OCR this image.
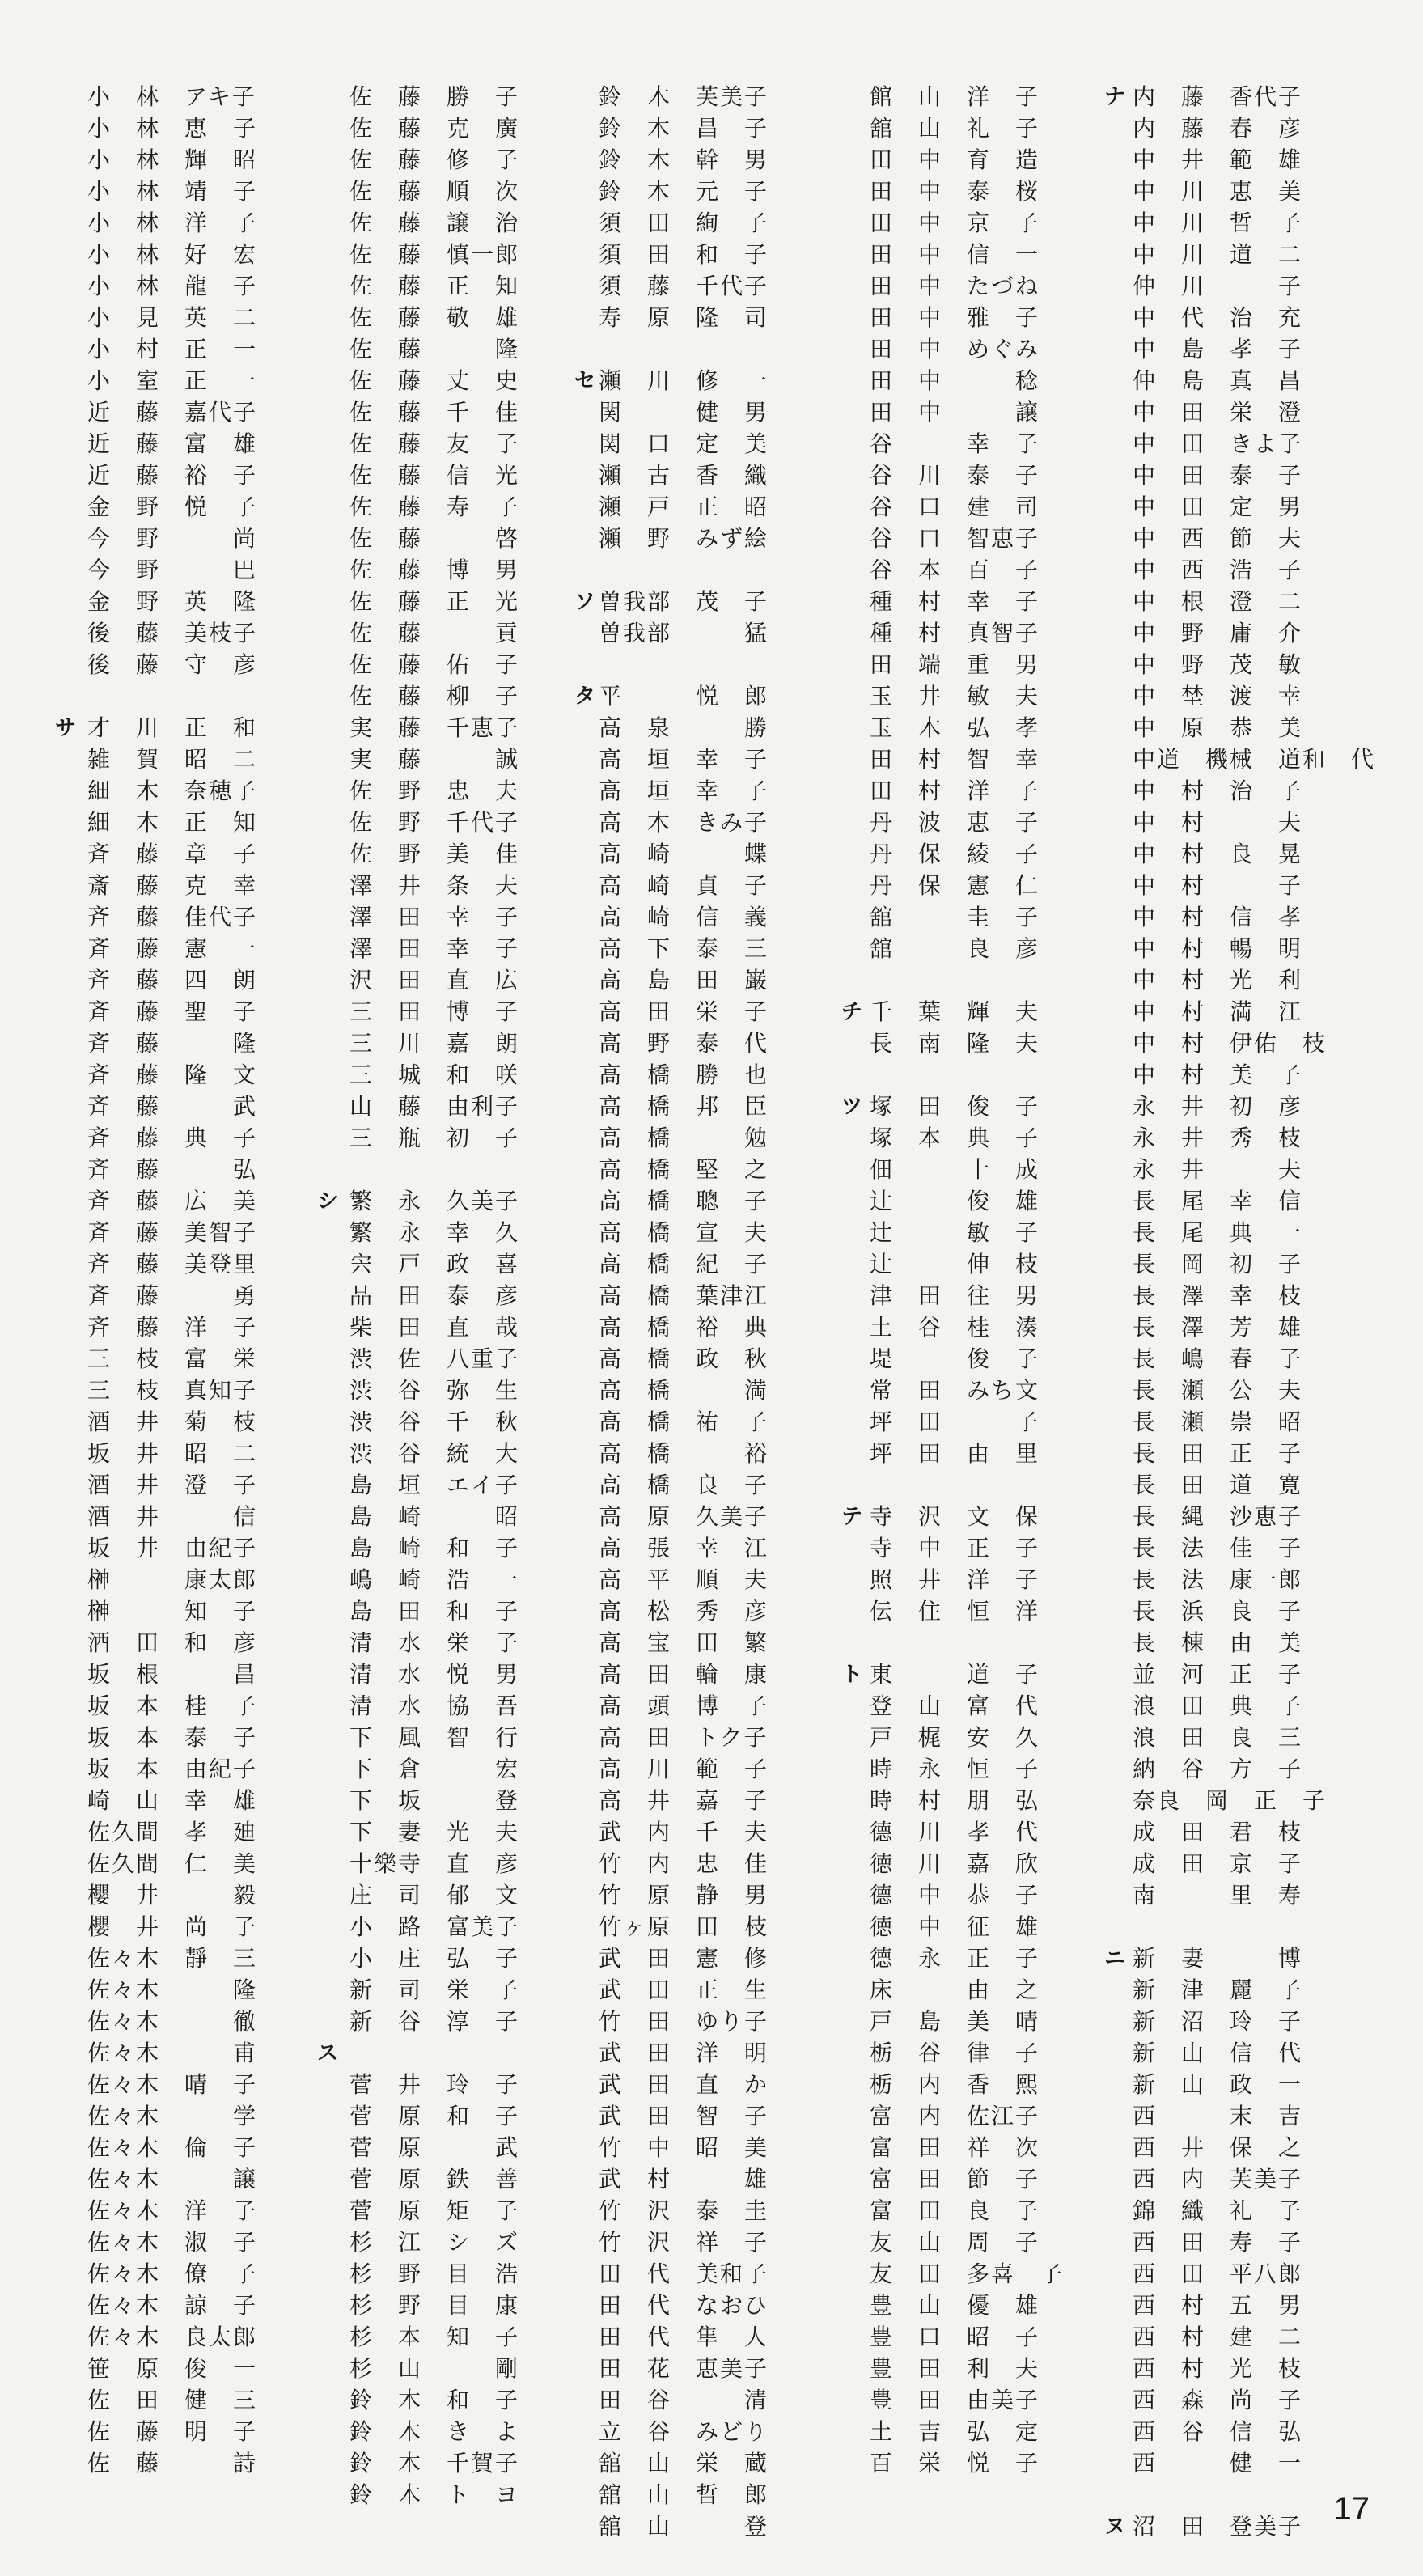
小　林　アキ子
小　林　恵　子
小　林　輝　昭
小　林　靖　子
小　林　洋　子
小　林　好　宏
小　林　龍　子
小　見　英　二
小　村　正　一
小　室　正　一
近　藤　嘉代子
近　藤　富　雄
近　藤　裕　子
金　野　悦　子
今　野　　　尚
今　野　　　巴
金　野　英　隆
後　藤　美枝子
後　藤　守　彦
才　川　正　和
雑　賀　昭　二
細　木　奈穂子
細　木　正　知
斉　藤　章　子
斎　藤　克　幸
斉　藤　佳代子
斉　藤　憲　一
斉　藤　四　朗
斉　藤　聖　子
斉　藤　　　隆
斉　藤　隆　文
斉　藤　　　武
斉　藤　典　子
斉　藤　　　弘
斉　藤　広　美
斉　藤　美智子
斉　藤　美登里
斉　藤　　　勇
斉　藤　洋　子
三　枝　富　栄
三　枝　真知子
酒　井　菊　枝
坂　井　昭　二
酒　井　澄　子
酒　井　　　信
坂　井　由紀子
榊　　　康太郎
榊　　　知　子
酒　田　和　彦
坂　根　　　昌
坂　本　桂　子
坂　本　泰　子
坂　本　由紀子
崎　山　幸　雄
佐久間　孝　廸
佐久間　仁　美
櫻　井　　　毅
櫻　井　尚　子
佐々木　靜　三
佐々木　　　隆
佐々木　　　徹
佐々木　　　甫
佐々木　晴　子
佐々木　　　学
佐々木　倫　子
佐々木　　　譲
佐々木　洋　子
佐々木　淑　子
佐々木　僚　子
佐々木　諒　子
佐々木　良太郎
笹　原　俊　一
佐　田　健　三
佐　藤　明　子
佐　藤　　　詩
サ
佐　藤　勝　子
佐　藤　克　廣
佐　藤　修　子
佐　藤　順　次
佐　藤　譲　治
佐　藤　慎一郎
佐　藤　正　知
佐　藤　敬　雄
佐　藤　　　隆
佐　藤　丈　史
佐　藤　千　佳
佐　藤　友　子
佐　藤　信　光
佐　藤　寿　子
佐　藤　　　啓
佐　藤　博　男
佐　藤　正　光
佐　藤　　　貢
佐　藤　佑　子
佐　藤　柳　子
実　藤　千恵子
実　藤　　　誠
佐　野　忠　夫
佐　野　千代子
佐　野　美　佳
澤　井　条　夫
澤　田　幸　子
澤　田　幸　子
沢　田　直　広
三　田　博　子
三　川　嘉　朗
三　城　和　咲
山　藤　由利子
三　瓶　初　子
繁　永　久美子
繁　永　幸　久
宍　戸　政　喜
品　田　泰　彦
柴　田　直　哉
渋　佐　八重子
渋　谷　弥　生
渋　谷　千　秋
渋　谷　統　大
島　垣　エイ子
島　崎　　　昭
島　崎　和　子
嶋　崎　浩　一
島　田　和　子
清　水　栄　子
清　水　悦　男
清　水　協　吾
下　風　智　行
下　倉　　　宏
下　坂　　　登
下　妻　光　夫
十樂寺　直　彦
庄　司　郁　文
小　路　富美子
小　庄　弘　子
新　司　栄　子
新　谷　淳　子
菅　井　玲　子
菅　原　和　子
菅　原　　　武
菅　原　鉄　善
菅　原　矩　子
杉　江　シ　ズ
杉　野　目　浩
杉　野　目　康
杉　本　知　子
杉　山　　　剛
鈴　木　和　子
鈴　木　き　よ
鈴　木　千賀子
鈴　木　ト　ヨ
シ
ス
鈴　木　芙美子
鈴　木　昌　子
鈴　木　幹　男
鈴　木　元　子
須　田　絢　子
須　田　和　子
須　藤　千代子
寿　原　隆　司
瀬　川　修　一
関　　　健　男
関　口　定　美
瀬　古　香　織
瀬　戸　正　昭
瀬　野　みず絵
曽我部　茂　子
曽我部　　　猛
平　　　悦　郎
高　泉　　　勝
高　垣　幸　子
高　垣　幸　子
高　木　きみ子
高　崎　　　蝶
高　崎　貞　子
高　崎　信　義
高　下　泰　三
高　島　田　巌
高　田　栄　子
高　野　泰　代
高　橋　勝　也
高　橋　邦　臣
高　橋　　　勉
高　橋　堅　之
高　橋　聰　子
高　橋　宣　夫
高　橋　紀　子
高　橋　葉津江
高　橋　裕　典
高　橋　政　秋
高　橋　　　満
高　橋　祐　子
高　橋　　　裕
高　橋　良　子
高　原　久美子
高　張　幸　江
高　平　順　夫
高　松　秀　彦
高　宝　田　繁
高　田　輪　康
高　頭　博　子
高　田　トク子
高　川　範　子
高　井　嘉　子
武　内　千　夫
竹　内　忠　佳
竹　原　静　男
竹ヶ原　田　枝
武　田　憲　修
武　田　正　生
竹　田　ゆり子
武　田　洋　明
武　田　直　か
武　田　智　子
竹　中　昭　美
武　村　　　雄
竹　沢　泰　圭
竹　沢　祥　子
田　代　美和子
田　代　なおひ
田　代　隼　人
田　花　恵美子
田　谷　　　清
立　谷　みどり
舘　山　栄　蔵
舘　山　哲　郎
舘　山　　　登
セ
ソ
タ
館　山　洋　子
舘　山　礼　子
田　中　育　造
田　中　泰　桜
田　中　京　子
田　中　信　一
田　中　たづね
田　中　雅　子
田　中　めぐみ
田　中　　　稔
田　中　　　譲
谷　　　幸　子
谷　川　泰　子
谷　口　建　司
谷　口　智恵子
谷　本　百　子
種　村　幸　子
種　村　真智子
田　端　重　男
玉　井　敏　夫
玉　木　弘　孝
田　村　智　幸
田　村　洋　子
丹　波　恵　子
丹　保　綾　子
丹　保　憲　仁
舘　　　圭　子
舘　　　良　彦
千　葉　輝　夫
長　南　隆　夫
塚　田　俊　子
塚　本　典　子
佃　　　十　成
辻　　　俊　雄
辻　　　敏　子
辻　　　伸　枝
津　田　往　男
土　谷　桂　湊
堤　　　俊　子
常　田　みち文
坪　田　　　子
坪　田　由　里
寺　沢　文　保
寺　中　正　子
照　井　洋　子
伝　住　恒　洋
東　　　道　子
登　山　富　代
戸　梶　安　久
時　永　恒　子
時　村　朋　弘
德　川　孝　代
徳　川　嘉　欣
德　中　恭　子
徳　中　征　雄
德　永　正　子
床　　　由　之
戸　島　美　晴
栃　谷　律　子
栃　内　香　熙
富　内　佐江子
富　田　祥　次
富　田　節　子
富　田　良　子
友　山　周　子
友　田　多喜　子
豊　山　優　雄
豊　口　昭　子
豊　田　利　夫
豊　田　由美子
土　吉　弘　定
百　栄　悦　子
チ
ツ
テ
ト
内　藤　香代子
内　藤　春　彦
中　井　範　雄
中　川　恵　美
中　川　哲　子
中　川　道　二
仲　川　　　子
中　代　治　充
中　島　孝　子
仲　島　真　昌
中　田　栄　澄
中　田　きよ子
中　田　泰　子
中　田　定　男
中　西　節　夫
中　西　浩　子
中　根　澄　二
中　野　庸　介
中　野　茂　敏
中　埜　渡　幸
中　原　恭　美
中道　機械　道和　代
中　村　治　子
中　村　　　夫
中　村　良　晃
中　村　　　子
中　村　信　孝
中　村　暢　明
中　村　光　利
中　村　満　江
中　村　伊佑　枝
中　村　美　子
永　井　初　彦
永　井　秀　枝
永　井　　　夫
長　尾　幸　信
長　尾　典　一
長　岡　初　子
長　澤　幸　枝
長　澤　芳　雄
長　嶋　春　子
長　瀬　公　夫
長　瀬　崇　昭
長　田　正　子
長　田　道　寛
長　縄　沙恵子
長　法　佳　子
長　法　康一郎
長　浜　良　子
長　棟　由　美
並　河　正　子
浪　田　典　子
浪　田　良　三
納　谷　方　子
奈良　岡　正　子
成　田　君　枝
成　田　京　子
南　　　里　寿
新　妻　　　博
新　津　麗　子
新　沼　玲　子
新　山　信　代
新　山　政　一
西　　　末　吉
西　井　保　之
西　内　芙美子
錦　織　礼　子
西　田　寿　子
西　田　平八郎
西　村　五　男
西　村　建　二
西　村　光　枝
西　森　尚　子
西　谷　信　弘
西　　　健　一
沼　田　登美子
ナ
ニ
ヌ	17
